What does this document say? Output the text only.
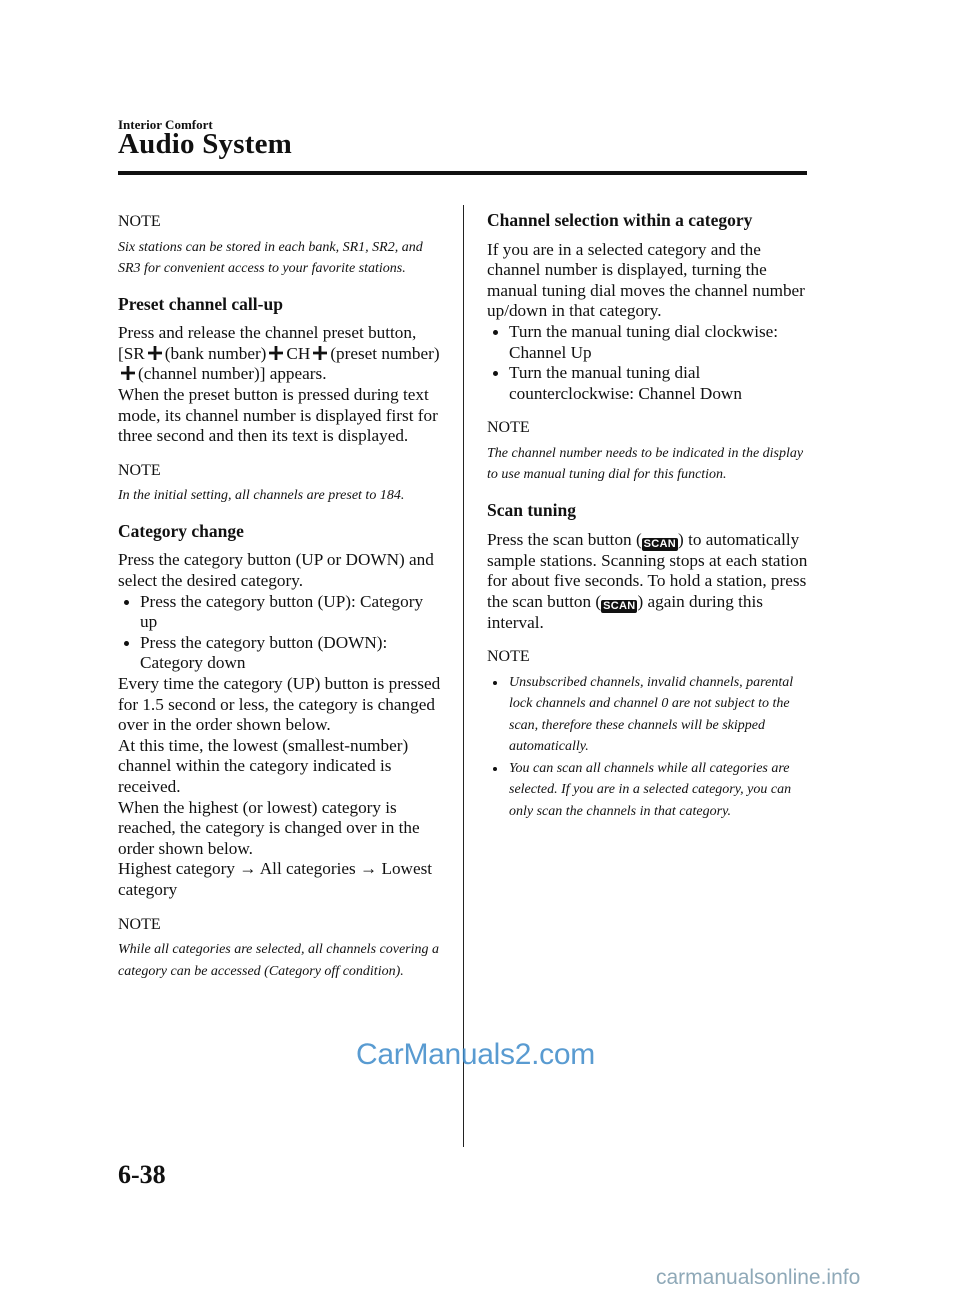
Interior Comfort
Audio System
NOTE
Six stations can be stored in each bank, SR1, SR2, and SR3 for convenient access to your favorite stations.
Preset channel call-up

Press and release the channel preset button,

[SR (bank number) CH (preset number)(channel number)] appears.

When the preset button is pressed during text mode, its channel number is displayed first for three second and then its text is displayed.

NOTE
In the initial setting, all channels are preset to 184.
Category change

Press the category button (UP or DOWN) and select the desired category.

Press the category button (UP): Category up
Press the category button (DOWN): Category down

Every time the category (UP) button is pressed for 1.5 second or less, the category is changed over in the order shown below.

At this time, the lowest (smallest-number) channel within the category indicated is received.

When the highest (or lowest) category is reached, the category is changed over in the order shown below.

Highest category → All categories → Lowest category

NOTE
While all categories are selected, all channels covering a category can be accessed (Category off condition).
Channel selection within a category

If you are in a selected category and the channel number is displayed, turning the manual tuning dial moves the channel number up/down in that category.

Turn the manual tuning dial clockwise: Channel Up
Turn the manual tuning dial counterclockwise: Channel Down
NOTE
The channel number needs to be indicated in the display to use manual tuning dial for this function.
Scan tuning

Press the scan button ( SCAN ) to automatically sample stations. Scanning stops at each station for about five seconds. To hold a station, press the scan button ( SCAN ) again during this interval.

NOTE
Unsubscribed channels, invalid channels, parental lock channels and channel 0 are not subject to the scan, therefore these channels will be skipped automatically.
You can scan all channels while all categories are selected. If you are in a selected category, you can only scan the channels in that category.
CarManuals2.com
6-38
carmanualsonline.info
